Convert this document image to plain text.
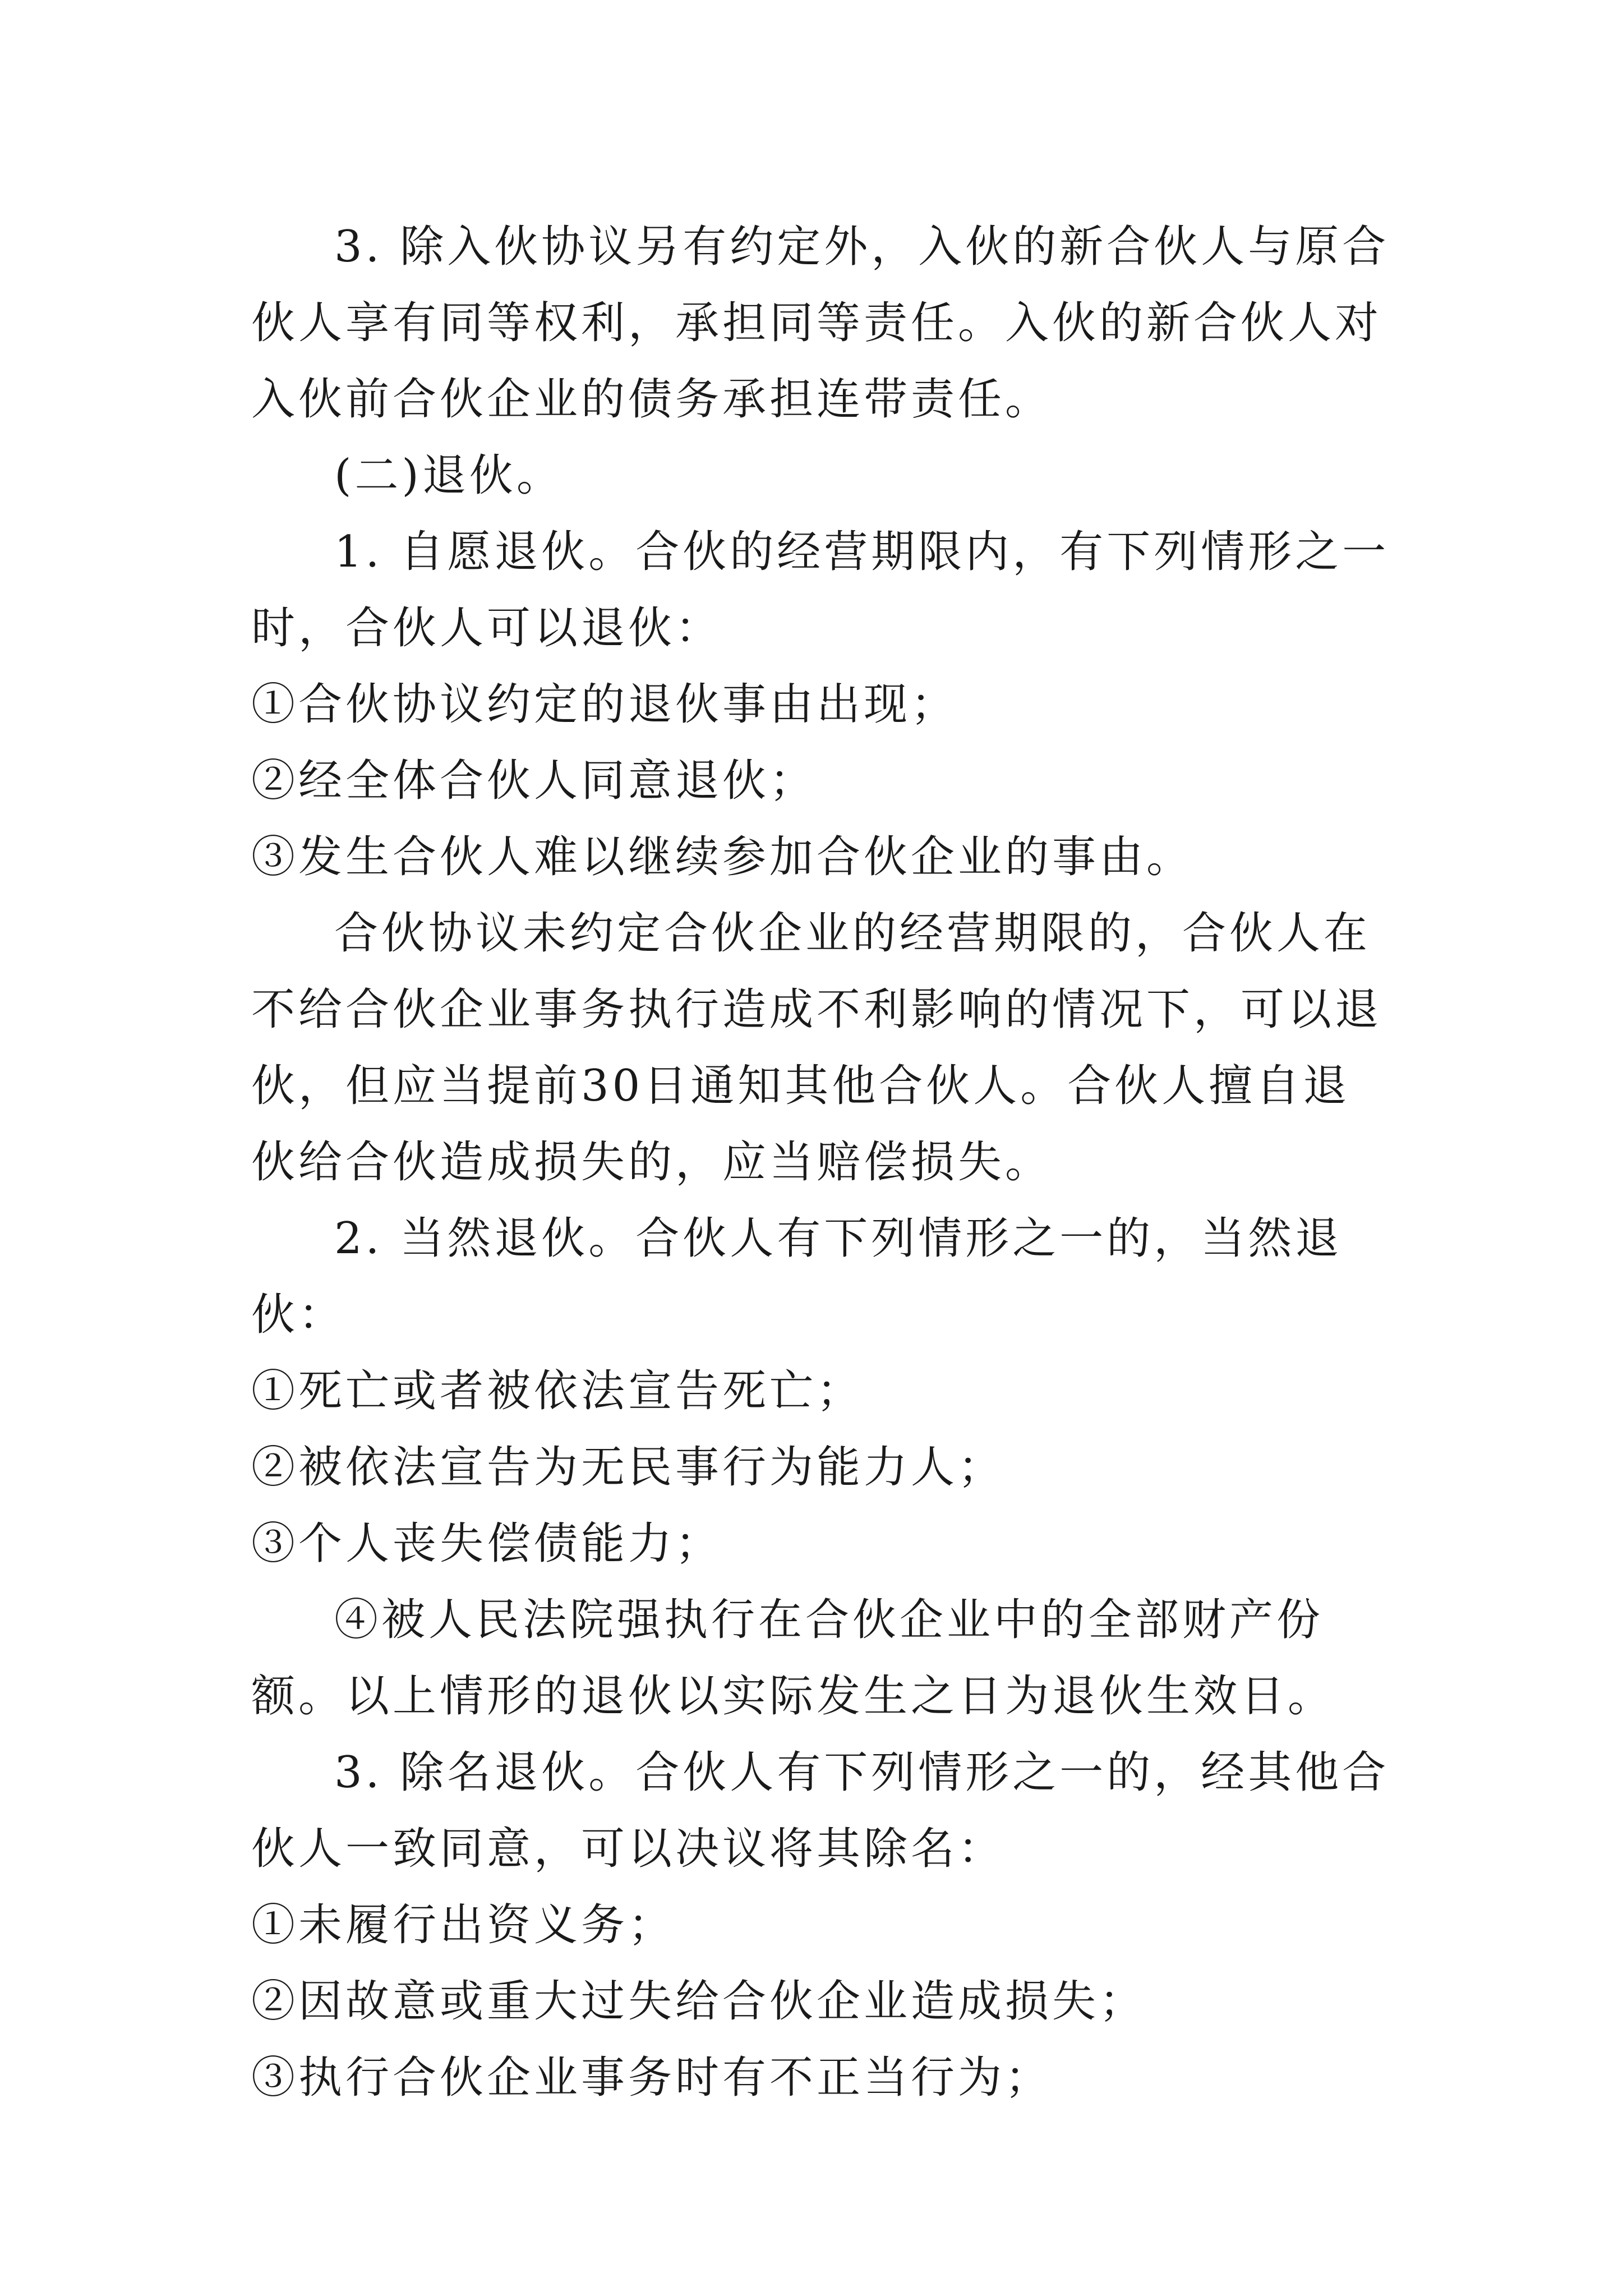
3. 除入伙协议另有约定外，入伙的新合伙人与原合伙人享有同等权利，承担同等责任。入伙的新合伙人对入伙前合伙企业的债务承担连带责任。

(二)退伙。

1. 自愿退伙。合伙的经营期限内，有下列情形之一时，合伙人可以退伙：

①合伙协议约定的退伙事由出现；

②经全体合伙人同意退伙；

③发生合伙人难以继续参加合伙企业的事由。

合伙协议未约定合伙企业的经营期限的，合伙人在不给合伙企业事务执行造成不利影响的情况下，可以退伙，但应当提前30日通知其他合伙人。合伙人擅自退伙给合伙造成损失的，应当赔偿损失。

2. 当然退伙。合伙人有下列情形之一的，当然退伙：

①死亡或者被依法宣告死亡；

②被依法宣告为无民事行为能力人；

③个人丧失偿债能力；

④被人民法院强执行在合伙企业中的全部财产份额。以上情形的退伙以实际发生之日为退伙生效日。

3. 除名退伙。合伙人有下列情形之一的，经其他合伙人一致同意，可以决议将其除名：

①未履行出资义务；

②因故意或重大过失给合伙企业造成损失；

③执行合伙企业事务时有不正当行为；
